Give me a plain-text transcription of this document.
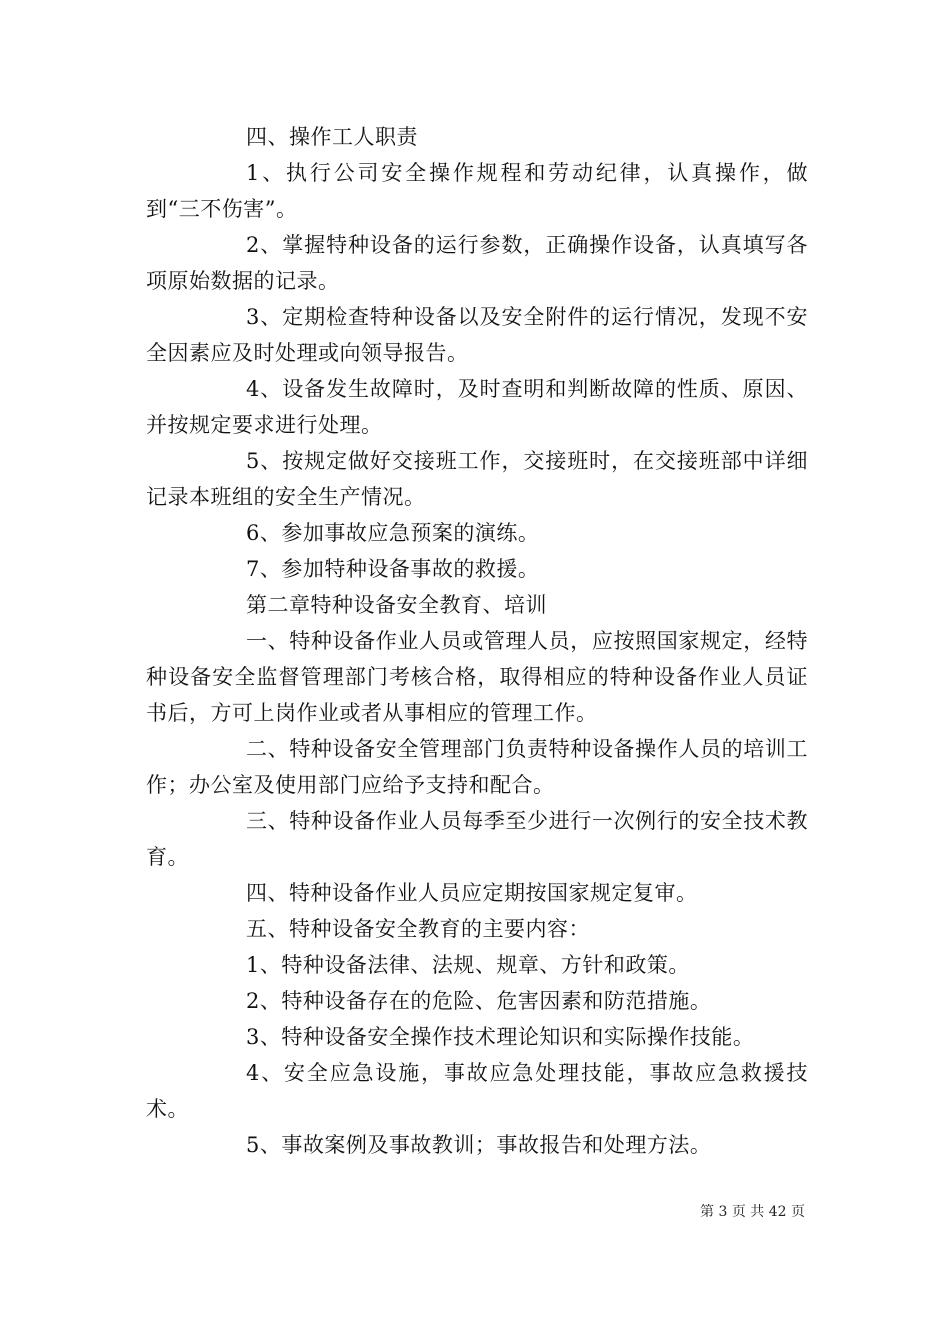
四、操作工人职责

1、执行公司安全操作规程和劳动纪律，认真操作，做到“三不伤害”。

2、掌握特种设备的运行参数，正确操作设备，认真填写各项原始数据的记录。

3、定期检查特种设备以及安全附件的运行情况，发现不安全因素应及时处理或向领导报告。

4、设备发生故障时，及时查明和判断故障的性质、原因、并按规定要求进行处理。

5、按规定做好交接班工作，交接班时，在交接班部中详细记录本班组的安全生产情况。

6、参加事故应急预案的演练。

7、参加特种设备事故的救援。

第二章特种设备安全教育、培训

一、特种设备作业人员或管理人员，应按照国家规定，经特种设备安全监督管理部门考核合格，取得相应的特种设备作业人员证书后，方可上岗作业或者从事相应的管理工作。

二、特种设备安全管理部门负责特种设备操作人员的培训工作；办公室及使用部门应给予支持和配合。

三、特种设备作业人员每季至少进行一次例行的安全技术教育。

四、特种设备作业人员应定期按国家规定复审。

五、特种设备安全教育的主要内容：

1、特种设备法律、法规、规章、方针和政策。

2、特种设备存在的危险、危害因素和防范措施。

3、特种设备安全操作技术理论知识和实际操作技能。

4、安全应急设施，事故应急处理技能，事故应急救援技术。

5、事故案例及事故教训；事故报告和处理方法。

第 3 页 共 42 页
